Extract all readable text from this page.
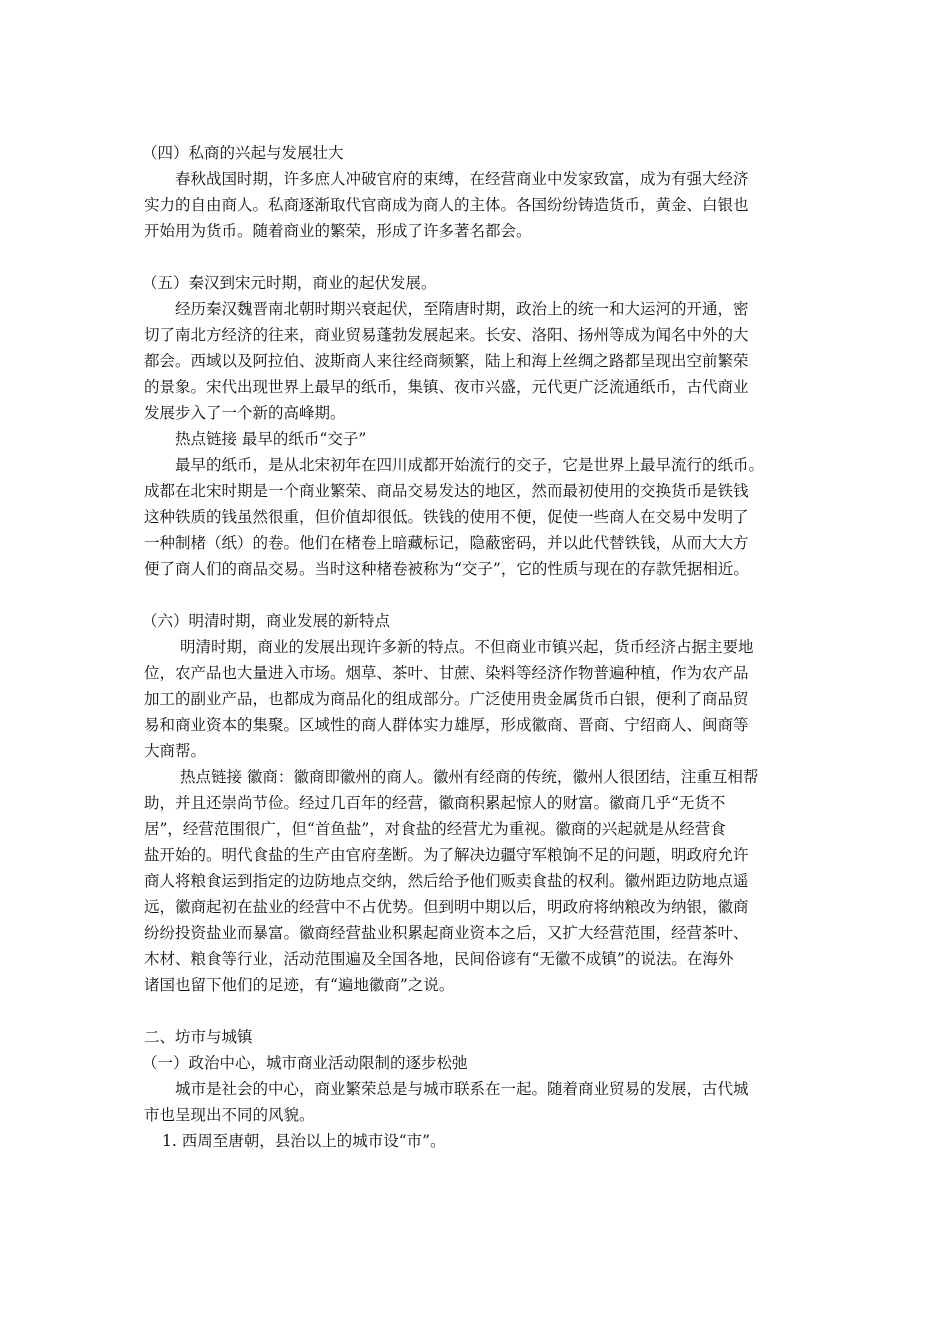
（四）私商的兴起与发展壮大
春秋战国时期，许多庶人冲破官府的束缚，在经营商业中发家致富，成为有强大经济
实力的自由商人。私商逐渐取代官商成为商人的主体。各国纷纷铸造货币，黄金、白银也
开始用为货币。随着商业的繁荣，形成了许多著名都会。
（五）秦汉到宋元时期，商业的起伏发展。
经历秦汉魏晋南北朝时期兴衰起伏，至隋唐时期，政治上的统一和大运河的开通，密
切了南北方经济的往来，商业贸易蓬勃发展起来。长安、洛阳、扬州等成为闻名中外的大
都会。西域以及阿拉伯、波斯商人来往经商频繁，陆上和海上丝绸之路都呈现出空前繁荣
的景象。宋代出现世界上最早的纸币，集镇、夜市兴盛，元代更广泛流通纸币，古代商业
发展步入了一个新的高峰期。
热点链接 最早的纸币“交子”
最早的纸币，是从北宋初年在四川成都开始流行的交子，它是世界上最早流行的纸币。
成都在北宋时期是一个商业繁荣、商品交易发达的地区，然而最初使用的交换货币是铁钱
这种铁质的钱虽然很重，但价值却很低。铁钱的使用不便，促使一些商人在交易中发明了
一种制楮（纸）的卷。他们在楮卷上暗藏标记，隐蔽密码，并以此代替铁钱，从而大大方
便了商人们的商品交易。当时这种楮卷被称为“交子”，它的性质与现在的存款凭据相近。
（六）明清时期，商业发展的新特点
明清时期，商业的发展出现许多新的特点。不但商业市镇兴起，货币经济占据主要地
位，农产品也大量进入市场。烟草、茶叶、甘蔗、染料等经济作物普遍种植，作为农产品
加工的副业产品，也都成为商品化的组成部分。广泛使用贵金属货币白银，便利了商品贸
易和商业资本的集聚。区域性的商人群体实力雄厚，形成徽商、晋商、宁绍商人、闽商等
大商帮。
热点链接 徽商：徽商即徽州的商人。徽州有经商的传统，徽州人很团结，注重互相帮
助，并且还崇尚节俭。经过几百年的经营，徽商积累起惊人的财富。徽商几乎“无货不
居”，经营范围很广，但“首鱼盐”，对食盐的经营尤为重视。徽商的兴起就是从经营食
盐开始的。明代食盐的生产由官府垄断。为了解决边疆守军粮饷不足的问题，明政府允许
商人将粮食运到指定的边防地点交纳，然后给予他们贩卖食盐的权利。徽州距边防地点遥
远，徽商起初在盐业的经营中不占优势。但到明中期以后，明政府将纳粮改为纳银，徽商
纷纷投资盐业而暴富。徽商经营盐业积累起商业资本之后，又扩大经营范围，经营茶叶、
木材、粮食等行业，活动范围遍及全国各地，民间俗谚有“无徽不成镇”的说法。在海外
诸国也留下他们的足迹，有“遍地徽商”之说。
二、坊市与城镇
（一）政治中心，城市商业活动限制的逐步松弛
城市是社会的中心，商业繁荣总是与城市联系在一起。随着商业贸易的发展，古代城
市也呈现出不同的风貌。
1. 西周至唐朝，县治以上的城市设“市”。
